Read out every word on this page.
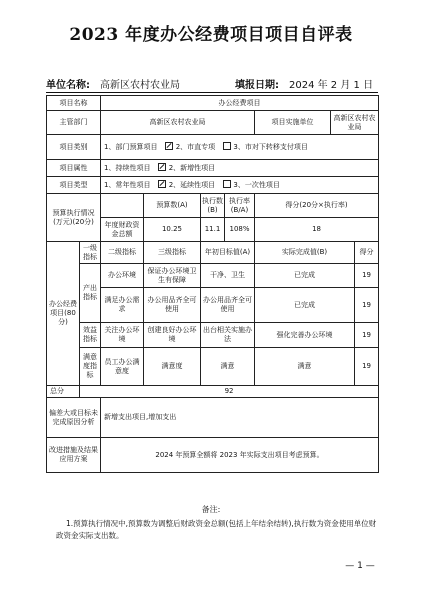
2023 年度办公经费项目项目自评表
单位名称: 高新区农村农业局	填报日期: 2024 年 2 月 1 日
项目名称		办公经费项目						
主管部门		高新区农村农业局				项目实施单位	高新区农村农业局	
项目类别		1、部门预算项目 2、市直专项 3、市对下转移支付项目						
项目属性		1、持续性项目 2、新增性项目						
项目类型		1、常年性项目 2、延续性项目 3、一次性项目						
预算执行情况(万元)(20分)			预算数(A)	执行数(B)	执行率(B/A)	得分(20分×执行率)		
		年度财政资金总额	10.25	11.1	108%	18		
办公经费项目(80分)	一级指标	二级指标	三级指标	年初目标值(A)		实际完成值(B)		得分
	产出指标	办公环境	保证办公环境卫生有保障	干净、卫生		已完成		19
		满足办公需求	办公用品齐全可使用	办公用品齐全可使用		已完成		19
	效益指标	关注办公环境	创建良好办公环境	出台相关实施办法		强化完善办公环境		19
	满意度指标	员工办公满意度	满意度	满意		满意		19
总分	92							
偏差大或目标未完成原因分析		新增支出项目,增加支出						
改进措施及结果应用方案		2024 年预算全额将 2023 年实际支出项目考虑预算。						
备注:
1.预算执行情况中,预算数为调整后财政资金总额(包括上年结余结转),执行数为资金使用单位财政资金实际支出数。
— 1 —
